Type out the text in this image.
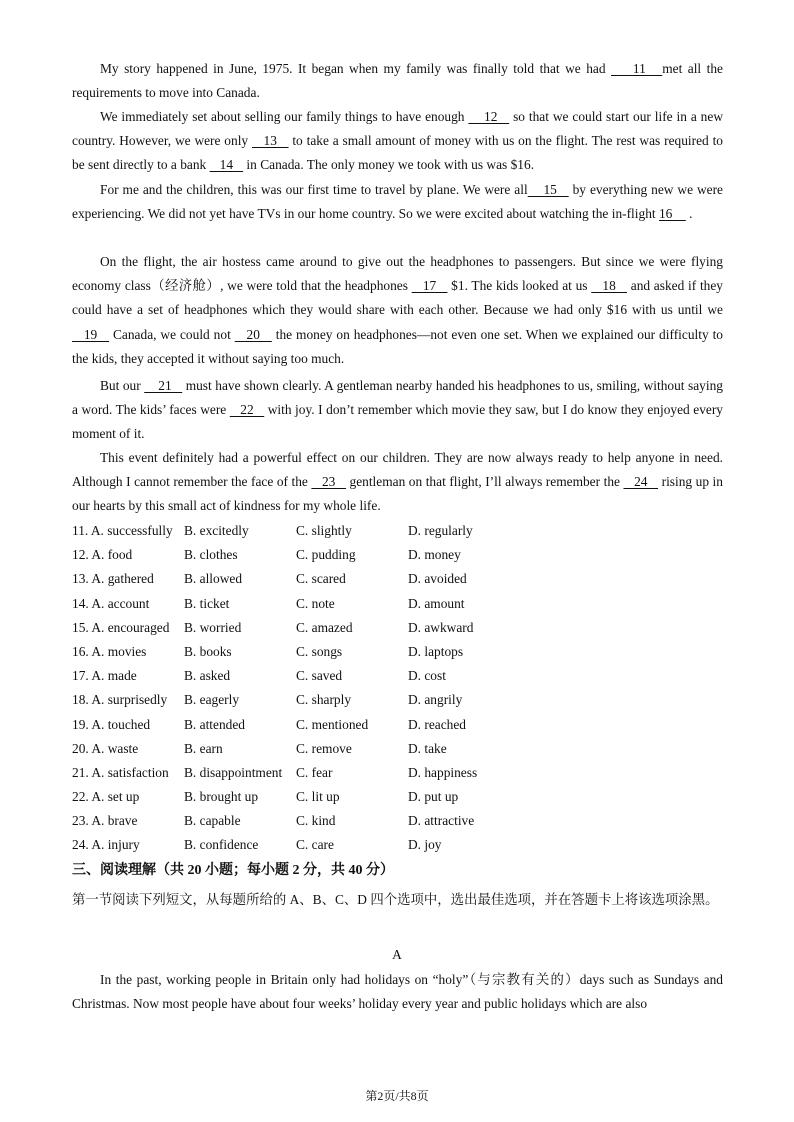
My story happened in June, 1975. It began when my family was finally told that we had     11   met all the requirements to move into Canada.
We immediately set about selling our family things to have enough     12    so that we could start our life in a new country. However, we were only    13    to take a small amount of money with us on the flight. The rest was required to be sent directly to a bank    14    in Canada. The only money we took with us was $16.
For me and the children, this was our first time to travel by plane. We were all    15    by everything new we were experiencing. We did not yet have TVs in our home country. So we were excited about watching the in-flight 16     .
On the flight, the air hostess came around to give out the headphones to passengers. But since we were flying economy class（经济舱）, we were told that the headphones    17    $1. The kids looked at us    18    and asked if they could have a set of headphones which they would share with each other. Because we had only $16 with us until we    19    Canada, we could not    20    the money on headphones—not even one set. When we explained our difficulty to the kids, they accepted it without saying too much.
But our     21    must have shown clearly. A gentleman nearby handed his headphones to us, smiling, without saying a word. The kids’ faces were    22    with joy. I don’t remember which movie they saw, but I do know they enjoyed every moment of it.
This event definitely had a powerful effect on our children. They are now always ready to help anyone in need. Although I cannot remember the face of the    23    gentleman on that flight, I’ll always remember the    24    rising up in our hearts by this small act of kindness for my whole life.
11. A. successfully B. excitedly	C. slightly	D. regularly
12. A. food	B. clothes	C. pudding	D. money
13. A. gathered B. allowed	C. scared	D. avoided
14. A. account	B. ticket	C. note	D. amount
15. A. encouraged B. worried	C. amazed	D. awkward
16. A. movies	B. books	C. songs	D. laptops
17. A. made	B. asked	C. saved	D. cost
18. A. surprisedly B. eagerly	C. sharply	D. angrily
19. A. touched	B. attended	C. mentioned	D. reached
20. A. waste	B. earn	C. remove	D. take
21. A. satisfaction B. disappointment C. fear	D. happiness
22. A. set up	B. brought up	C. lit up	D. put up
23. A. brave	B. capable	C. kind	D. attractive
24. A. injury	B. confidence	C. care	D. joy
三、阅读理解（共 20 小题；每小题 2 分，共 40 分）
第一节阅读下列短文，从每题所给的 A、B、C、D 四个选项中，选出最佳选项，并在答题卡上将该选项涂黑。
A
In the past, working people in Britain only had holidays on “holy”（与宗教有关的）days such as Sundays and Christmas. Now most people have about four weeks’ holiday every year and public holidays which are also
第2页/共8页
